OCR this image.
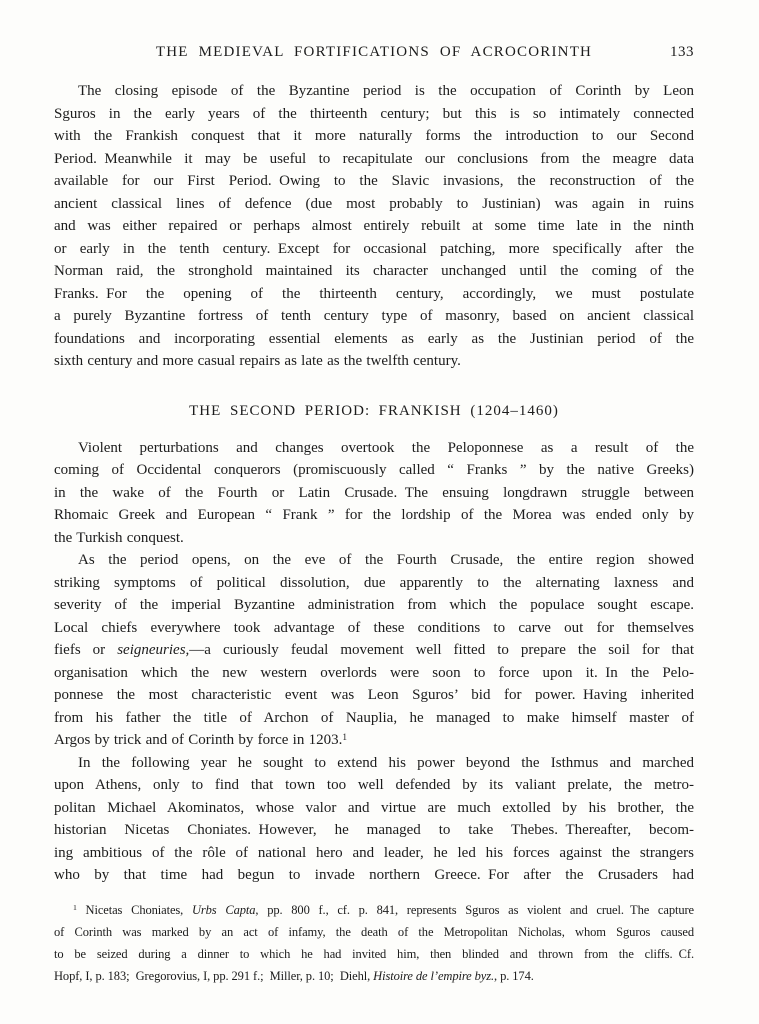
THE MEDIEVAL FORTIFICATIONS OF ACROCORINTH	133
The closing episode of the Byzantine period is the occupation of Corinth by Leon
Sguros in the early years of the thirteenth century; but this is so intimately connected
with the Frankish conquest that it more naturally forms the introduction to our Second
Period. Meanwhile it may be useful to recapitulate our conclusions from the meagre data
available for our First Period. Owing to the Slavic invasions, the reconstruction of the
ancient classical lines of defence (due most probably to Justinian) was again in ruins
and was either repaired or perhaps almost entirely rebuilt at some time late in the ninth
or early in the tenth century. Except for occasional patching, more specifically after the
Norman raid, the stronghold maintained its character unchanged until the coming of the
Franks. For the opening of the thirteenth century, accordingly, we must postulate
a purely Byzantine fortress of tenth century type of masonry, based on ancient classical
foundations and incorporating essential elements as early as the Justinian period of the
sixth century and more casual repairs as late as the twelfth century.
THE SECOND PERIOD: FRANKISH (1204–1460)
Violent perturbations and changes overtook the Peloponnese as a result of the
coming of Occidental conquerors (promiscuously called “ Franks ” by the native Greeks)
in the wake of the Fourth or Latin Crusade. The ensuing longdrawn struggle between
Rhomaic Greek and European “ Frank ” for the lordship of the Morea was ended only by
the Turkish conquest.
As the period opens, on the eve of the Fourth Crusade, the entire region showed
striking symptoms of political dissolution, due apparently to the alternating laxness and
severity of the imperial Byzantine administration from which the populace sought escape.
Local chiefs everywhere took advantage of these conditions to carve out for themselves
fiefs or seigneuries,—a curiously feudal movement well fitted to prepare the soil for that
organisation which the new western overlords were soon to force upon it. In the Pelo-
ponnese the most characteristic event was Leon Sguros’ bid for power. Having inherited
from his father the title of Archon of Nauplia, he managed to make himself master of
Argos by trick and of Corinth by force in 1203.$^1$
In the following year he sought to extend his power beyond the Isthmus and marched
upon Athens, only to find that town too well defended by its valiant prelate, the metro-
politan Michael Akominatos, whose valor and virtue are much extolled by his brother, the
historian Nicetas Choniates. However, he managed to take Thebes. Thereafter, becom-
ing ambitious of the rôle of national hero and leader, he led his forces against the strangers
who by that time had begun to invade northern Greece. For after the Crusaders had
$^1$ Nicetas Choniates, Urbs Capta, pp. 800 f., cf. p. 841, represents Sguros as violent and cruel. The capture
of Corinth was marked by an act of infamy, the death of the Metropolitan Nicholas, whom Sguros caused
to be seized during a dinner to which he had invited him, then blinded and thrown from the cliffs. Cf.
Hopf, I, p. 183; Gregorovius, I, pp. 291 f.; Miller, p. 10; Diehl, Histoire de l’empire byz., p. 174.
